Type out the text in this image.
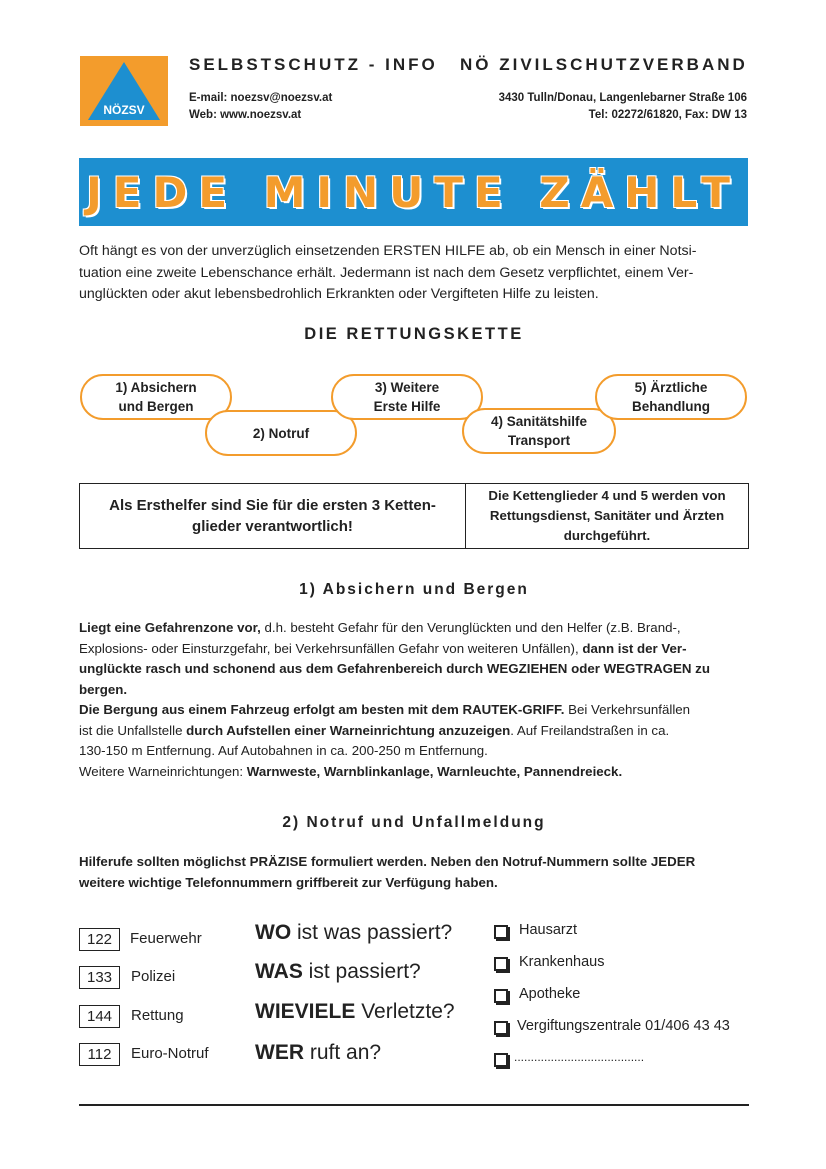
NÖZSV
SELBSTSCHUTZ - INFO NÖ ZIVILSCHUTZVERBAND
E-mail: noezsv@noezsv.at
Web: www.noezsv.at
3430 Tulln/Donau, Langenlebarner Straße 106
Tel: 02272/61820, Fax: DW 13
JEDE MINUTE ZÄHLT
Oft hängt es von der unverzüglich einsetzenden ERSTEN HILFE ab, ob ein Mensch in einer Notsi-
tuation eine zweite Lebenschance erhält. Jedermann ist nach dem Gesetz verpflichtet, einem Ver-
unglückten oder akut lebensbedrohlich Erkrankten oder Vergifteten Hilfe zu leisten.
DIE RETTUNGSKETTE
1) Absichern
und Bergen
2) Notruf
3) Weitere
Erste Hilfe
4) Sanitätshilfe
Transport
5) Ärztliche
Behandlung
Als Ersthelfer sind Sie für die ersten 3 Ketten-
glieder verantwortlich!
Die Kettenglieder 4 und 5 werden von
Rettungsdienst, Sanitäter und Ärzten
durchgeführt.
1) Absichern und Bergen
Liegt eine Gefahrenzone vor, d.h. besteht Gefahr für den Verunglückten und den Helfer (z.B. Brand-,
Explosions- oder Einsturzgefahr, bei Verkehrsunfällen Gefahr von weiteren Unfällen), dann ist der Ver-
unglückte rasch und schonend aus dem Gefahrenbereich durch WEGZIEHEN oder WEGTRAGEN zu
bergen.
Die Bergung aus einem Fahrzeug erfolgt am besten mit dem RAUTEK-GRIFF. Bei Verkehrsunfällen
ist die Unfallstelle durch Aufstellen einer Warneinrichtung anzuzeigen. Auf Freilandstraßen in ca.
130-150 m Entfernung. Auf Autobahnen in ca. 200-250 m Entfernung.
Weitere Warneinrichtungen: Warnweste, Warnblinkanlage, Warnleuchte, Pannendreieck.
2) Notruf und Unfallmeldung
Hilferufe sollten möglichst PRÄZISE formuliert werden. Neben den Notruf-Nummern sollte JEDER
weitere wichtige Telefonnummern griffbereit zur Verfügung haben.
122	Feuerwehr
133	Polizei
144	Rettung
112	Euro-Notruf
WO ist was passiert?
WAS ist passiert?
WIEVIELE Verletzte?
WER ruft an?
Hausarzt
Krankenhaus
Apotheke
Vergiftungszentrale 01/406 43 43
.......................................
